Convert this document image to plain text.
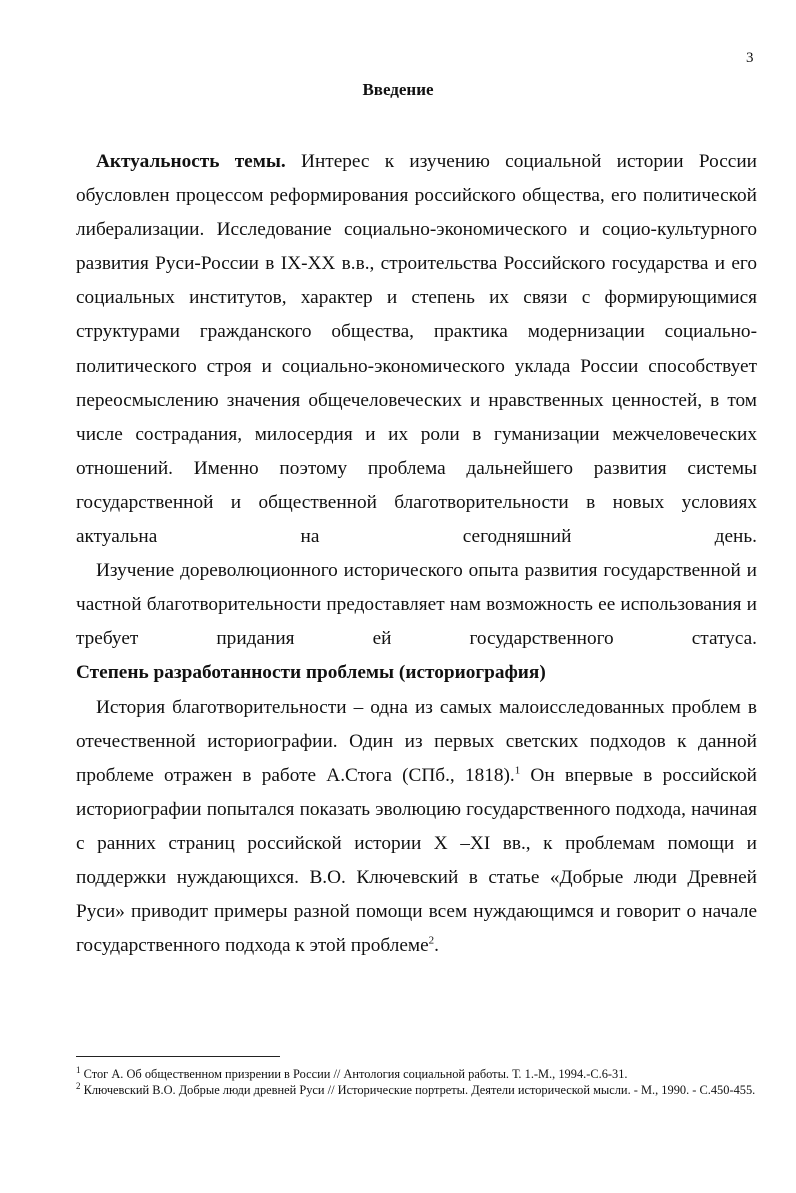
3
Введение

Актуальность темы. Интерес к изучению социальной истории России обусловлен процессом реформирования российского общества, его политической либерализации. Исследование социально-экономического и социо-культурного развития Руси-России в IX-XX в.в., строительства Российского государства и его социальных институтов, характер и степень их связи с формирующимися структурами гражданского общества, практика модернизации социально-политического строя и социально-экономического уклада России способствует переосмыслению значения общечеловеческих и нравственных ценностей, в том числе сострадания, милосердия и их роли в гуманизации межчеловеческих отношений. Именно поэтому проблема дальнейшего развития системы государственной и общественной благотворительности в новых условиях актуальна на сегодняшний день.

Изучение дореволюционного исторического опыта развития государственной и частной благотворительности предоставляет нам возможность ее использования и требует придания ей государственного статуса.

Степень разработанности проблемы (историография)

История благотворительности – одна из самых малоисследованных проблем в отечественной историографии. Один из первых светских подходов к данной проблеме отражен в работе А.Стога (СПб., 1818).$^1$ Он впервые в российской историографии попытался показать эволюцию государственного подхода, начиная с ранних страниц российской истории X –XI вв., к проблемам помощи и поддержки нуждающихся. В.О. Ключевский в статье «Добрые люди Древней Руси» приводит примеры разной помощи всем нуждающимся и говорит о начале государственного подхода к этой проблеме$^2$.

$^1$ Стог А. Об общественном призрении в России // Антология социальной работы. Т. 1.-М., 1994.-С.6-31.

$^2$ Ключевский В.О. Добрые люди древней Руси // Исторические портреты. Деятели исторической мысли. - М., 1990. - С.450-455.
